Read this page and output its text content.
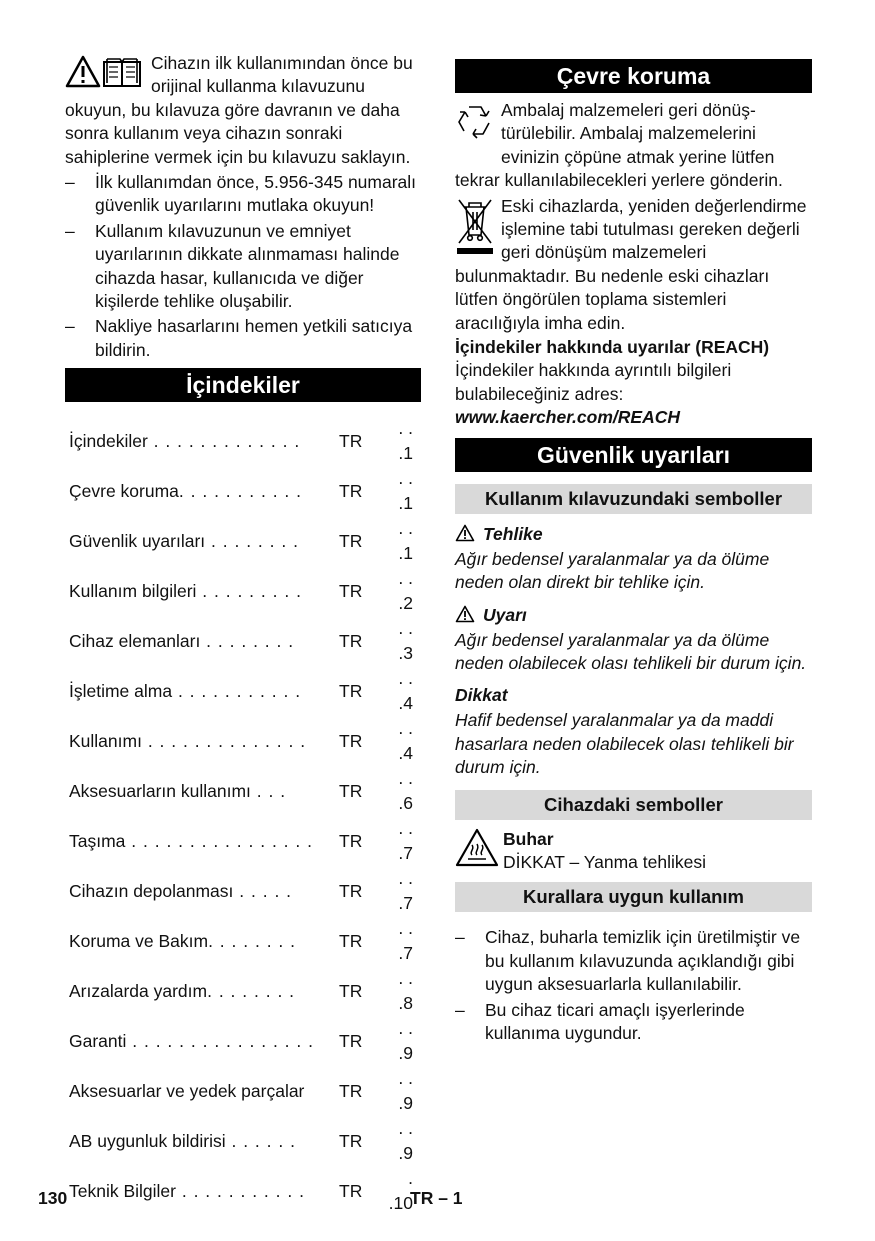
Cihazın ilk kullanımından önce bu orijinal kullanma kılavuzunu okuyun, bu kılavuza göre davranın ve daha sonra kullanım veya cihazın sonraki sahiplerine vermek için bu kılavuzu saklayın.

– İlk kullanımdan önce, 5.956-345 numaralı güvenlik uyarılarını mutlaka okuyun!
– Kullanım kılavuzunun ve emniyet uyarılarının dikkate alınmaması halinde cihazda hasar, kullanıcıda ve diğer kişilerde tehlike oluşabilir.
– Nakliye hasarlarını hemen yetkili satıcıya bildirin.
İçindekiler
İçindekiler . . . . . . . . . . . . .	TR	. . .1
Çevre koruma. . . . . . . . . . .	TR	. . .1
Güvenlik uyarıları . . . . . . . .	TR	. . .1
Kullanım bilgileri . . . . . . . . .	TR	. . .2
Cihaz elemanları . . . . . . . .	TR	. . .3
İşletime alma . . . . . . . . . . .	TR	. . .4
Kullanımı . . . . . . . . . . . . . .	TR	. . .4
Aksesuarların kullanımı . . .	TR	. . .6
Taşıma . . . . . . . . . . . . . . . .	TR	. . .7
Cihazın depolanması . . . . .	TR	. . .7
Koruma ve Bakım. . . . . . . .	TR	. . .7
Arızalarda yardım. . . . . . . .	TR	. . .8
Garanti . . . . . . . . . . . . . . . .	TR	. . .9
Aksesuarlar ve yedek parçalar	TR	. . .9
AB uygunluk bildirisi . . . . . .	TR	. . .9
Teknik Bilgiler . . . . . . . . . . .	TR	. .10
Çevre koruma

Ambalaj malzemeleri geri dönüş-türülebilir. Ambalaj malzemelerini evinizin çöpüne atmak yerine lütfen tekrar kullanılabilecekleri yerlere gönderin.

Eski cihazlarda, yeniden değerlendirme işlemine tabi tutulması gereken değerli geri dönüşüm malzemeleri bulunmaktadır. Bu nedenle eski cihazları lütfen öngörülen toplama sistemleri aracılığıyla imha edin.

İçindekiler hakkında uyarılar (REACH)

İçindekiler hakkında ayrıntılı bilgileri bulabileceğiniz adres:

www.kaercher.com/REACH

Güvenlik uyarıları
Kullanım kılavuzundaki semboller
Tehlike

Ağır bedensel yaralanmalar ya da ölüme neden olan direkt bir tehlike için.

Uyarı

Ağır bedensel yaralanmalar ya da ölüme neden olabilecek olası tehlikeli bir durum için.

Dikkat

Hafif bedensel yaralanmalar ya da maddi hasarlara neden olabilecek olası tehlikeli bir durum için.

Cihazdaki semboller

Buhar

DİKKAT – Yanma tehlikesi

Kurallara uygun kullanım
– Cihaz, buharla temizlik için üretilmiştir ve bu kullanım kılavuzunda açıklandığı gibi uygun aksesuarlarla kullanılabilir.
– Bu cihaz ticari amaçlı işyerlerinde kullanıma uygundur.
130	TR – 1
